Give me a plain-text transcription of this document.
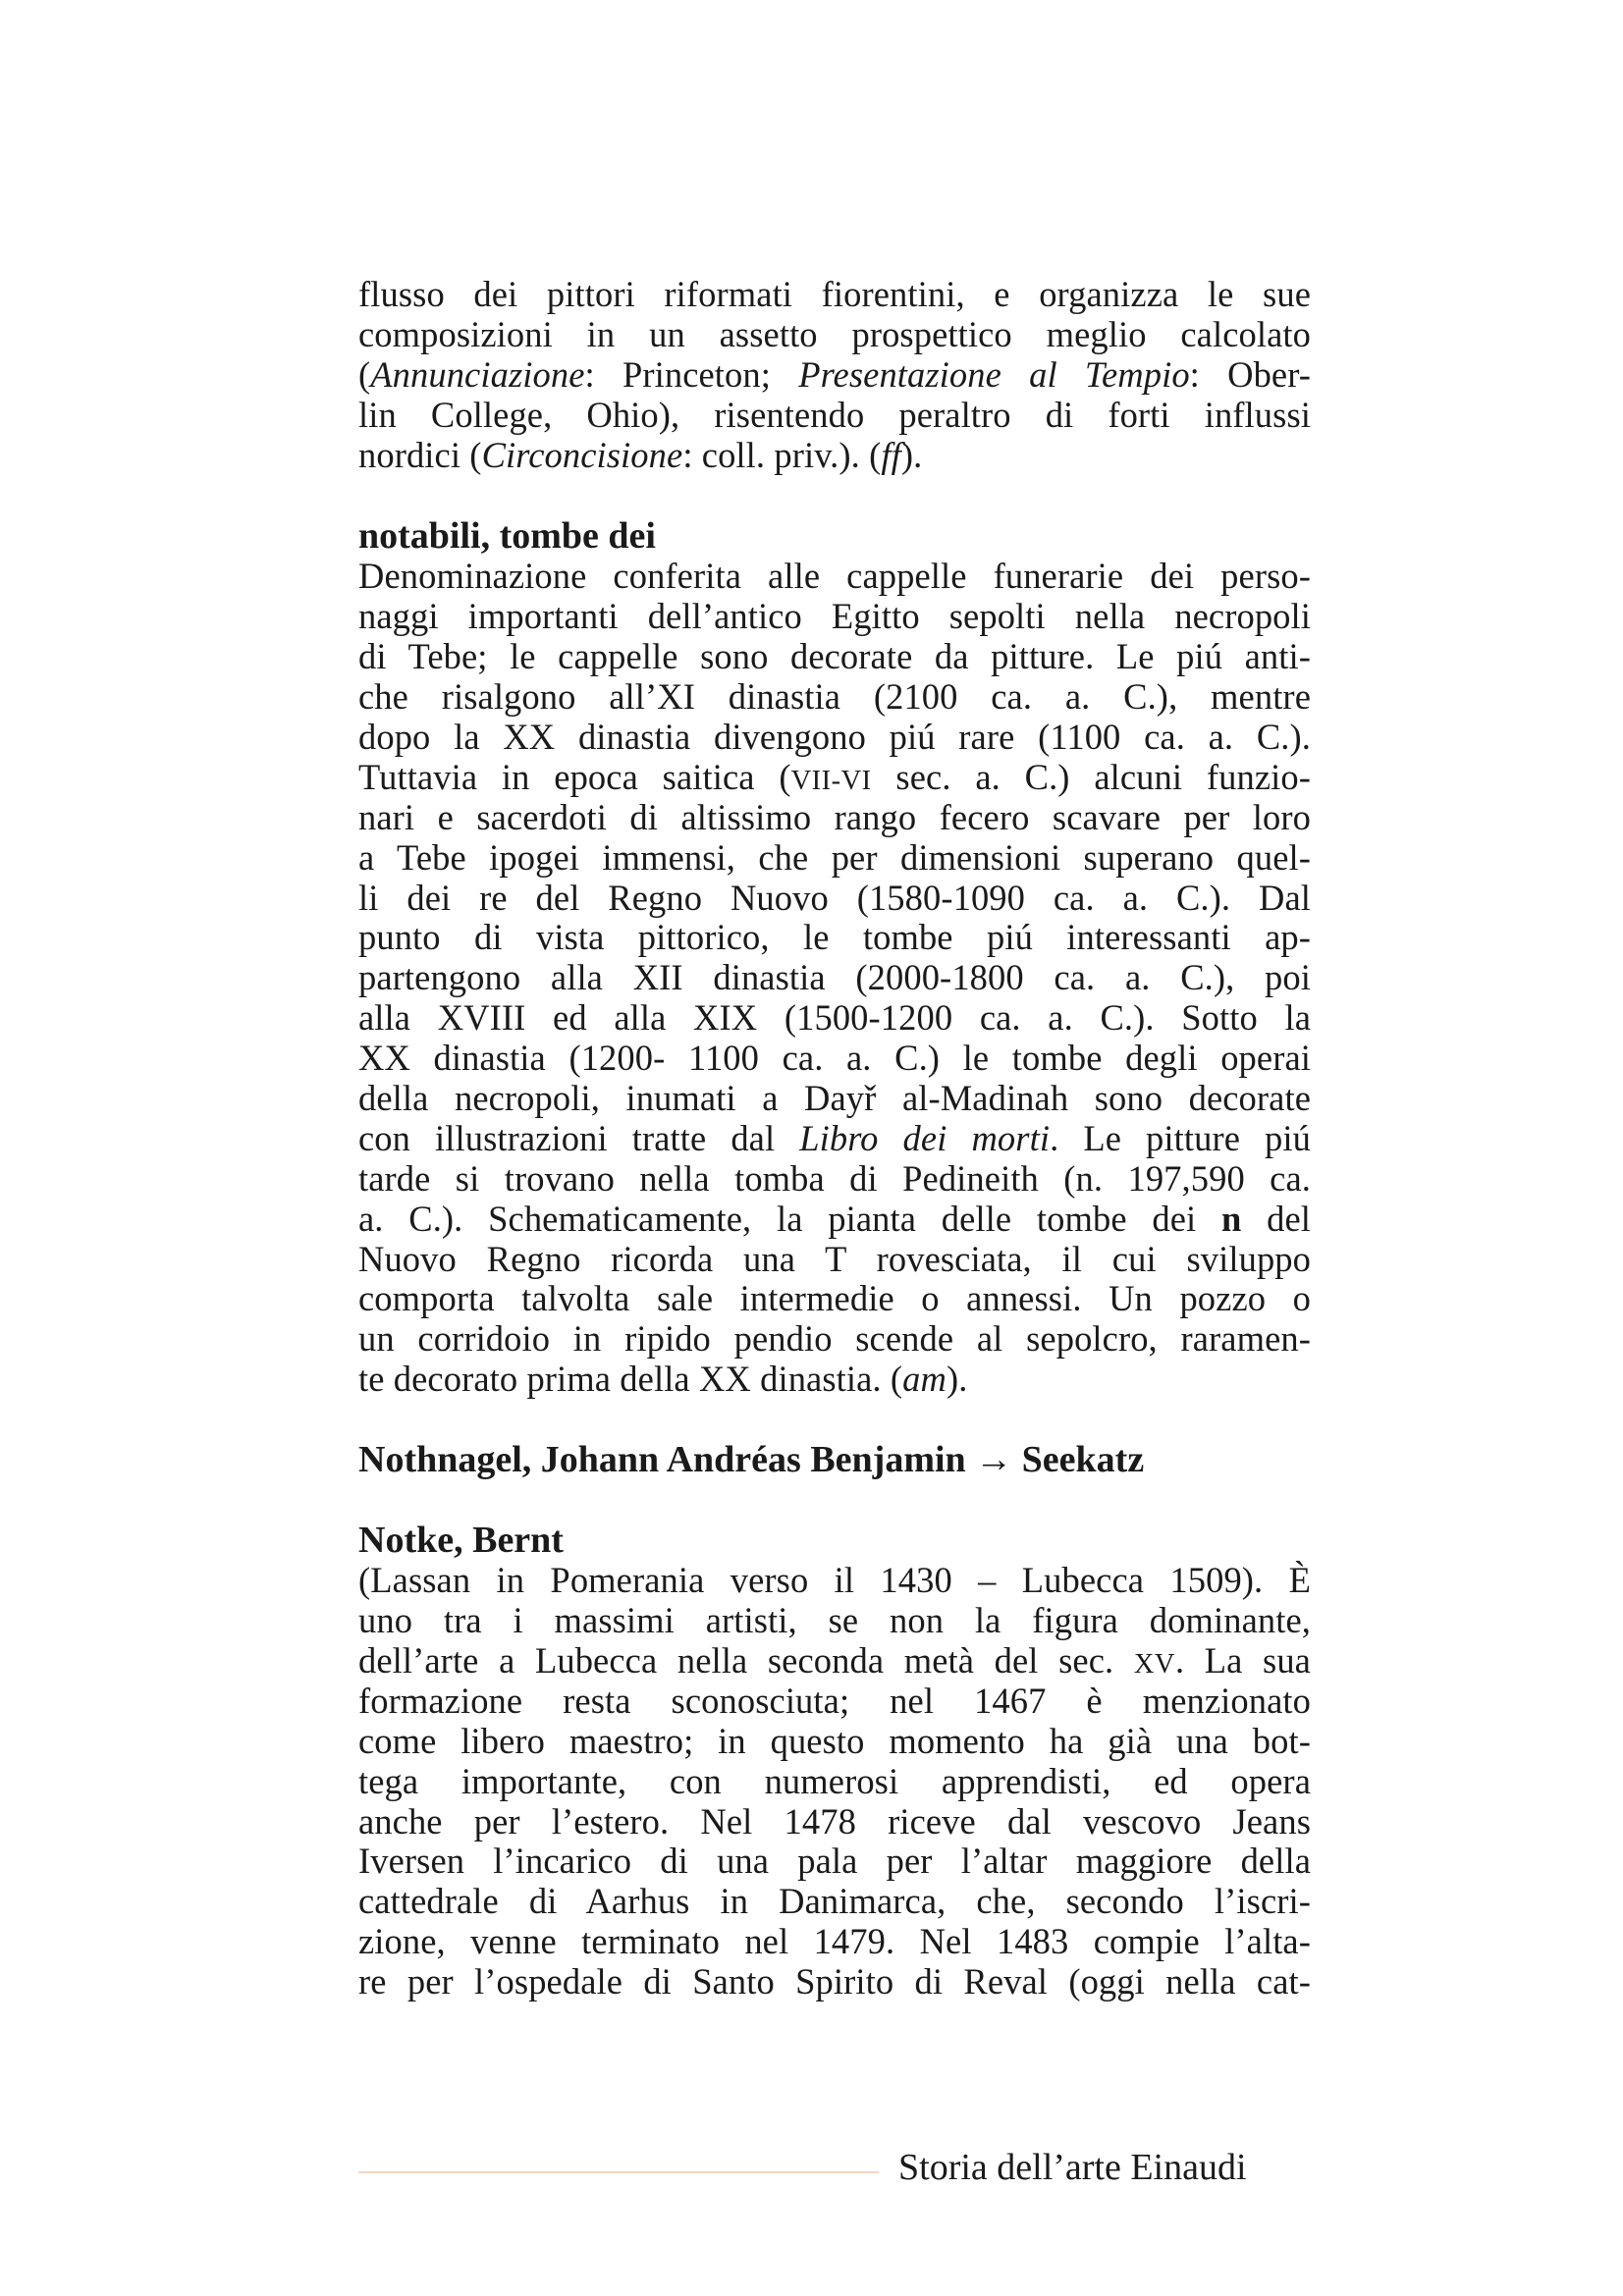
flusso dei pittori riformati fiorentini, e organizza le sue
composizioni in un assetto prospettico meglio calcolato
(Annunciazione: Princeton; Presentazione al Tempio: Ober-
lin College, Ohio), risentendo peraltro di forti influssi
nordici (Circoncisione: coll. priv.). (ff).
notabili, tombe dei
Denominazione conferita alle cappelle funerarie dei perso-
naggi importanti dell’antico Egitto sepolti nella necropoli
di Tebe; le cappelle sono decorate da pitture. Le piú anti-
che risalgono all’XI dinastia (2100 ca. a. C.), mentre
dopo la XX dinastia divengono piú rare (1100 ca. a. C.).
Tuttavia in epoca saitica (VII-VI sec. a. C.) alcuni funzio-
nari e sacerdoti di altissimo rango fecero scavare per loro
a Tebe ipogei immensi, che per dimensioni superano quel-
li dei re del Regno Nuovo (1580-1090 ca. a. C.). Dal
punto di vista pittorico, le tombe piú interessanti ap-
partengono alla XII dinastia (2000-1800 ca. a. C.), poi
alla XVIII ed alla XIX (1500-1200 ca. a. C.). Sotto la
XX dinastia (1200- 1100 ca. a. C.) le tombe degli operai
della necropoli, inumati a Dayř al-Madinah sono decorate
con illustrazioni tratte dal Libro dei morti. Le pitture piú
tarde si trovano nella tomba di Pedineith (n. 197,590 ca.
a. C.). Schematicamente, la pianta delle tombe dei n del
Nuovo Regno ricorda una T rovesciata, il cui sviluppo
comporta talvolta sale intermedie o annessi. Un pozzo o
un corridoio in ripido pendio scende al sepolcro, raramen-
te decorato prima della XX dinastia. (am).
Nothnagel, Johann Andréas Benjamin → Seekatz
Notke, Bernt
(Lassan in Pomerania verso il 1430 – Lubecca 1509). È
uno tra i massimi artisti, se non la figura dominante,
dell’arte a Lubecca nella seconda metà del sec. XV. La sua
formazione resta sconosciuta; nel 1467 è menzionato
come libero maestro; in questo momento ha già una bot-
tega importante, con numerosi apprendisti, ed opera
anche per l’estero. Nel 1478 riceve dal vescovo Jeans
Iversen l’incarico di una pala per l’altar maggiore della
cattedrale di Aarhus in Danimarca, che, secondo l’iscri-
zione, venne terminato nel 1479. Nel 1483 compie l’alta-
re per l’ospedale di Santo Spirito di Reval (oggi nella cat-
Storia dell’arte Einaudi
